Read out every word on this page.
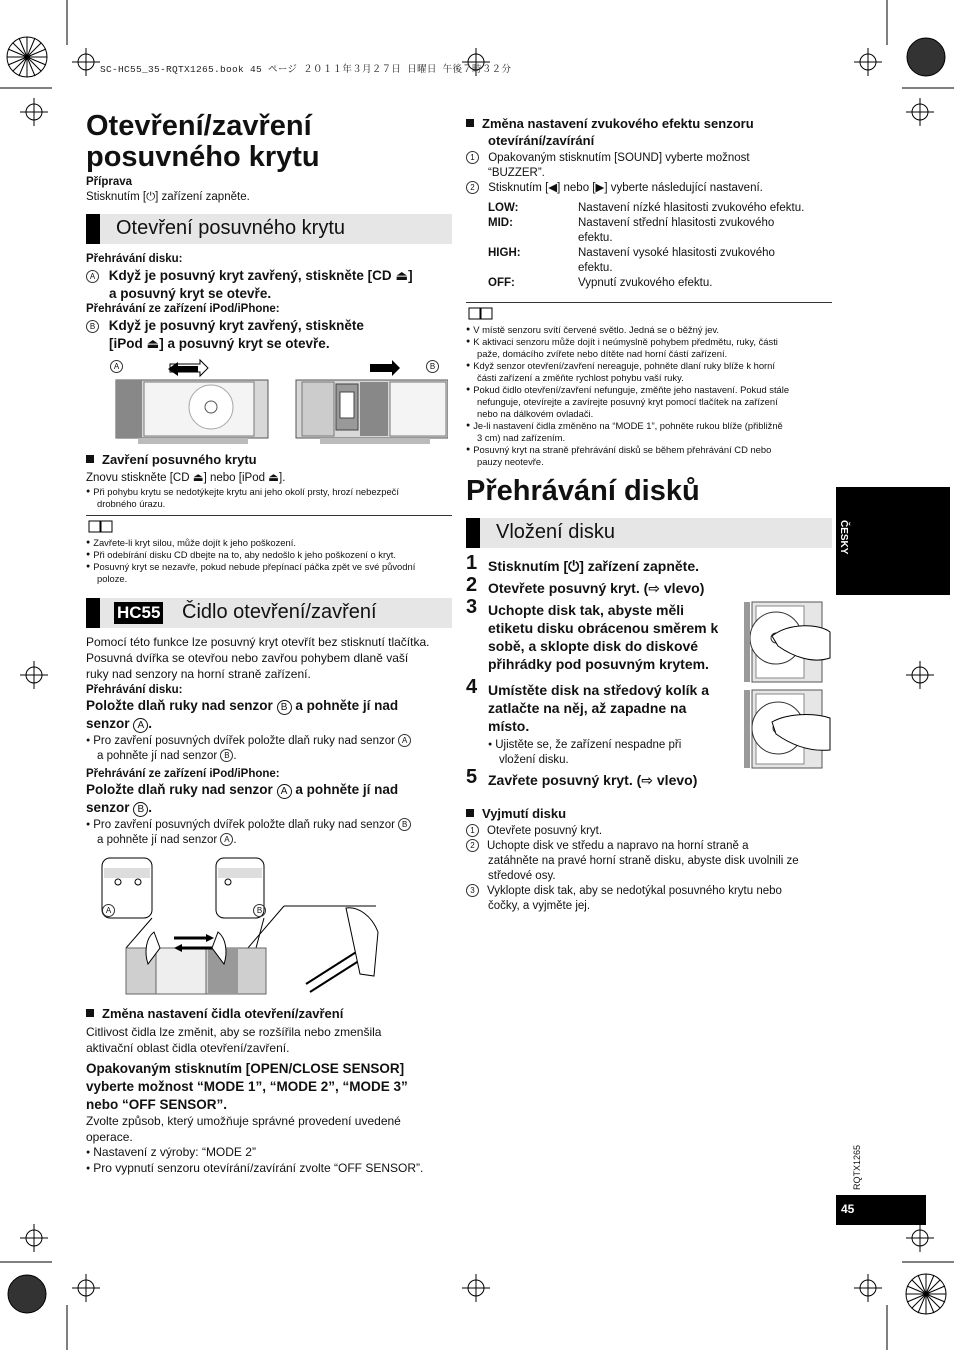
SC-HC55_35-RQTX1265.book 45 ページ ２０１１年３月２７日 日曜日 午後７時３２分
Otevření/zavření
posuvného krytu
Příprava
Stisknutím [⏻] zařízení zapněte.
Otevření posuvného krytu
Přehrávání disku:
A Když je posuvný kryt zavřený, stiskněte [CD ⏏]
a posuvný kryt se otevře.
Přehrávání ze zařízení iPod/iPhone:
B Když je posuvný kryt zavřený, stiskněte
[iPod ⏏] a posuvný kryt se otevře.
A	B
Zavření posuvného krytu
Znovu stiskněte [CD ⏏] nebo [iPod ⏏].
● Při pohybu krytu se nedotýkejte krytu ani jeho okolí prsty, hrozí nebezpečí
drobného úrazu.
● Zavřete-li kryt silou, může dojít k jeho poškození.
● Při odebírání disku CD dbejte na to, aby nedošlo k jeho poškození o kryt.
● Posuvný kryt se nezavře, pokud nebude přepínací páčka zpět ve své původní
poloze.
HC55 Čidlo otevření/zavření
Pomocí této funkce lze posuvný kryt otevřít bez stisknutí tlačítka.
Posuvná dvířka se otevřou nebo zavřou pohybem dlaně vaší
ruky nad senzory na horní straně zařízení.
Přehrávání disku:
Položte dlaň ruky nad senzor B a pohněte jí nad
senzor A .
● Pro zavření posuvných dvířek položte dlaň ruky nad senzor A
a pohněte jí nad senzor B .
Přehrávání ze zařízení iPod/iPhone:
Položte dlaň ruky nad senzor A a pohněte jí nad
senzor B .
● Pro zavření posuvných dvířek položte dlaň ruky nad senzor B
a pohněte jí nad senzor A .
A	B
Změna nastavení čidla otevření/zavření
Citlivost čidla lze změnit, aby se rozšířila nebo zmenšila
aktivační oblast čidla otevření/zavření.
Opakovaným stisknutím [OPEN/CLOSE SENSOR]
vyberte možnost “MODE 1”, “MODE 2”, “MODE 3”
nebo “OFF SENSOR”.
Zvolte způsob, který umožňuje správné provedení uvedené
operace.
● Nastavení z výroby: “MODE 2”
● Pro vypnutí senzoru otevírání/zavírání zvolte “OFF SENSOR”.
Změna nastavení zvukového efektu senzoru
otevírání/zavírání
1 Opakovaným stisknutím [SOUND] vyberte možnost
“BUZZER”.
2 Stisknutím [◀] nebo [▶] vyberte následující nastavení.
LOW:	Nastavení nízké hlasitosti zvukového efektu.
MID:	Nastavení střední hlasitosti zvukového
efektu.
HIGH:	Nastavení vysoké hlasitosti zvukového
efektu.
OFF:	Vypnutí zvukového efektu.
● V místě senzoru svítí červené světlo. Jedná se o běžný jev.
● K aktivaci senzoru může dojít i neúmyslně pohybem předmětu, ruky, části
paže, domácího zvířete nebo dítěte nad horní částí zařízení.
● Když senzor otevření/zavření nereaguje, pohněte dlaní ruky blíže k horní
části zařízení a změňte rychlost pohybu vaší ruky.
● Pokud čidlo otevření/zavření nefunguje, změňte jeho nastavení. Pokud stále
nefunguje, otevírejte a zavírejte posuvný kryt pomocí tlačítek na zařízení
nebo na dálkovém ovladači.
● Je-li nastavení čidla změněno na “MODE 1”, pohněte rukou blíže (přibližně
3 cm) nad zařízením.
● Posuvný kryt na straně přehrávání disků se během přehrávání CD nebo
pauzy neotevře.
Přehrávání disků
Vložení disku
1 Stisknutím [⏻] zařízení zapněte.
2 Otevřete posuvný kryt. (⇨ vlevo)
3 Uchopte disk tak, abyste měli
etiketu disku obrácenou směrem k
sobě, a sklopte disk do diskové
přihrádky pod posuvným krytem.
4 Umístěte disk na středový kolík a
zatlačte na něj, až zapadne na
místo.
● Ujistěte se, že zařízení nespadne při
vložení disku.
5 Zavřete posuvný kryt. (⇨ vlevo)
Vyjmutí disku
1 Otevřete posuvný kryt.
2 Uchopte disk ve středu a napravo na horní straně a
zatáhněte na pravé horní straně disku, abyste disk uvolnili ze
středové osy.
3 Vyklopte disk tak, aby se nedotýkal posuvného krytu nebo
čočky, a vyjměte jej.
ČESKY
RQTX1265
45
